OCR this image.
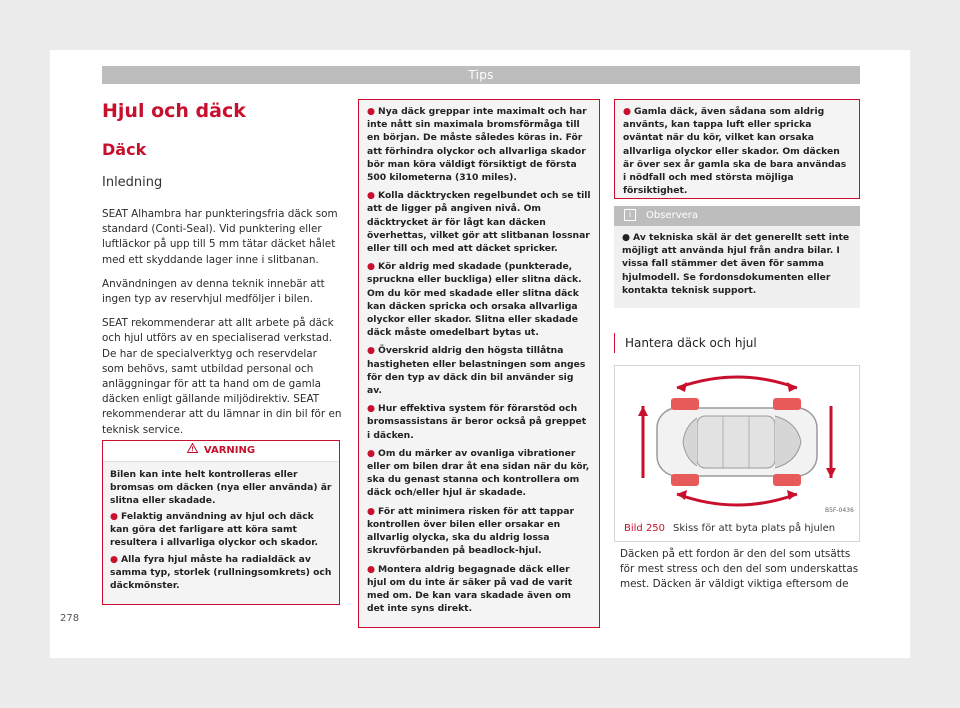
Tips
Hjul och däck
Däck
Inledning

SEAT Alhambra har punkteringsfria däck som standard (Conti-Seal). Vid punktering eller luftläckor på upp till 5 mm tätar däcket hålet med ett skyddande lager inne i slitbanan.

Användningen av denna teknik innebär att ingen typ av reservhjul medföljer i bilen.

SEAT rekommenderar att allt arbete på däck och hjul utförs av en specialiserad verkstad. De har de specialverktyg och reservdelar som behövs, samt utbildad personal och anläggningar för att ta hand om de gamla däcken enligt gällande miljödirektiv. SEAT rekommenderar att du lämnar in din bil för en teknisk service.

VARNING

Bilen kan inte helt kontrolleras eller bromsas om däcken (nya eller använda) är slitna eller skadade.

● Felaktig användning av hjul och däck kan göra det farligare att köra samt resultera i allvarliga olyckor och skador.

● Alla fyra hjul måste ha radialdäck av samma typ, storlek (rullningsomkrets) och däckmönster.

● Nya däck greppar inte maximalt och har inte nått sin maximala bromsförmåga till en början. De måste således köras in. För att förhindra olyckor och allvarliga skador bör man köra väldigt försiktigt de första 500 kilometerna (310 miles).

● Kolla däcktrycken regelbundet och se till att de ligger på angiven nivå. Om däcktrycket är för lågt kan däcken överhettas, vilket gör att slitbanan lossnar eller till och med att däcket spricker.

● Kör aldrig med skadade (punkterade, spruckna eller buckliga) eller slitna däck. Om du kör med skadade eller slitna däck kan däcken spricka och orsaka allvarliga olyckor eller skador. Slitna eller skadade däck måste omedelbart bytas ut.

● Överskrid aldrig den högsta tillåtna hastigheten eller belastningen som anges för den typ av däck din bil använder sig av.

● Hur effektiva system för förarstöd och bromsassistans är beror också på greppet i däcken.

● Om du märker av ovanliga vibrationer eller om bilen drar åt ena sidan när du kör, ska du genast stanna och kontrollera om däck och/eller hjul är skadade.

● För att minimera risken för att tappar kontrollen över bilen eller orsakar en allvarlig olycka, ska du aldrig lossa skruvförbanden på beadlock-hjul.

● Montera aldrig begagnade däck eller hjul om du inte är säker på vad de varit med om. De kan vara skadade även om det inte syns direkt.

● Gamla däck, även sådana som aldrig använts, kan tappa luft eller spricka oväntat när du kör, vilket kan orsaka allvarliga olyckor eller skador. Om däcken är över sex år gamla ska de bara användas i nödfall och med största möjliga försiktighet.
i Observera
● Av tekniska skäl är det generellt sett inte möjligt att använda hjul från andra bilar. I vissa fall stämmer det även för samma hjulmodell. Se fordonsdokumenten eller kontakta teknisk support.
Hantera däck och hjul
B5F-0436
Bild 250 Skiss för att byta plats på hjulen
Däcken på ett fordon är den del som utsätts för mest stress och den del som underskattas mest. Däcken är väldigt viktiga eftersom de
278
